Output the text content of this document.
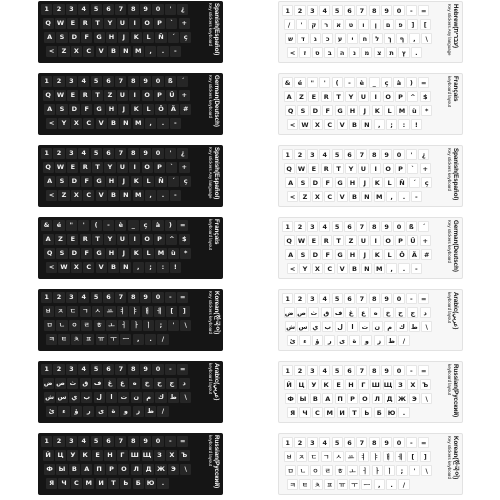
1	2	3	4	5	6	7	8	9	0	'	¿
Q W	E	R	T	Y	U	I	O	P	`	+
A	S	D	F	G	H	J	K	L	Ñ	´	ç
<	Z	X	C	V	B	N M	,	.	-	Spanish(Español)
Key stickers keyboard
1	2	3	4	5	6	7	8	9	0	ß	´
Q W	E	R	T	Z	U	I	O	P	Ü	+
A	S	D	F	G	H	J	K	L	Ö	Ä	#
<	Y	X	C	V	B	N M	,	.	-	German(Deutsch)
Key stickers keyboard
1	2	3	4	5	6	7	8	9	0	'	¿
Q W	E	R	T	Y	U	I	O	P	`	+
A	S	D	F	G	H	J	K	L	Ñ	´	ç
<	Z	X	C	V	B	N M	,	.	-	Spanish(Español)
Key stickers Any language
&	é	"	'	(	-	è	_	ç	à	)	=
A	Z	E	R	T	Y	U	I	O	P	^	$
Q	S	D	F	G	H	J	K	L	M	ù	*
< W X	C	V	B	N	,	;	:	!
Français
keyboard layout
1	2	3	4	5	6	7	8	9	0	-	=
ㅂ ㅈ ㄷ ㄱ ㅅ ㅛ ㅕ ㅑ ㅐ ㅔ	[	]
ㅁ ㄴ ㅇ ㄹ ㅎ ㅗ ㅓ ㅏ ㅣ	;	'	\
ㅋ ㅌ ㅊ ㅍ ㅠ ㅜ ㅡ	,	.	/
Korean(한국어)
Key stickers keyboard
1	2	3	4	5	6	7	8	9	0	-	=
ض ص ث ق ف غ	ع	ه	خ	ح	ج	د
ش س ي ب ل	ا	ت ن	م	ك ط	\
ئ	ء	ؤ	ر	ى	ة	و	ز	ظ	/
Arabic(عربي)
keyboard layout
1	2	3	4	5	6	7	8	9	0	-	=
Й	Ц	У	К	Е	Н	Г Ш Щ З	Х	Ъ
Ф Ы	В	А	П	Р	О	Л	Д Ж Э	\
Я	Ч	С	М И	Т	Ь	Б Ю	.	Russian(Русский)
keyboard layout
1	2	3	4	5	6	7	8	9	0	-	=
/	'	ק	ר	א	ט	ו	ן	ם	פ	]	[
ש	ד	ג	כ	ע	י	ח	ל	ך	ף	,	\
<	ז	ס	ב	ה	נ	מ	צ	ת	ץ	.
Hebrew(עברית)
Key stickers Any language
&	é	"	'	(	-	è	_	ç	à	)	=
A	Z	E	R	T	Y	U	I	O	P	^	$
Q	S	D	F	G	H	J	K	L	M	ù	*
< W X	C	V	B	N	,	;	:	!
Français
keyboard layout
1	2	3	4	5	6	7	8	9	0	'	¿
Q W	E	R	T	Y	U	I	O	P	`	+
A	S	D	F	G	H	J	K	L	Ñ	´	ç
<	Z	X	C	V	B	N M	,	.	-	Spanish(Español)
Key stickers keyboard
1	2	3	4	5	6	7	8	9	0	ß	´
Q W	E	R	T	Z	U	I	O	P	Ü	+
A	S	D	F	G	H	J	K	L	Ö	Ä	#
<	Y	X	C	V	B	N M	,	.	-	German(Deutsch)
Key stickers keyboard
1	2	3	4	5	6	7	8	9	0	-	=
ض ص ث ق ف غ	ع	ه	خ	ح	ج	د
ش س ي ب ل	ا	ت ن	م	ك ط	\
ئ	ء	ؤ	ر	ى	ة	و	ز	ظ	/
Arabic(عربي)
keyboard layout
1	2	3	4	5	6	7	8	9	0	-	=
Й	Ц	У	К	Е	Н	Г Ш Щ З	Х	Ъ
Ф Ы	В	А	П	Р	О	Л	Д Ж Э	\
Я	Ч	С	М И	Т	Ь	Б Ю	.	Russian(Русский)
keyboard layout
1	2	3	4	5	6	7	8	9	0	-	=
ㅂ ㅈ ㄷ ㄱ ㅅ ㅛ ㅕ ㅑ ㅐ ㅔ	[	]
ㅁ ㄴ ㅇ ㄹ ㅎ ㅗ ㅓ ㅏ ㅣ	;	'	\
ㅋ ㅌ ㅊ ㅍ ㅠ ㅜ ㅡ	,	.	/
Korean(한국어)
Key stickers keyboard
